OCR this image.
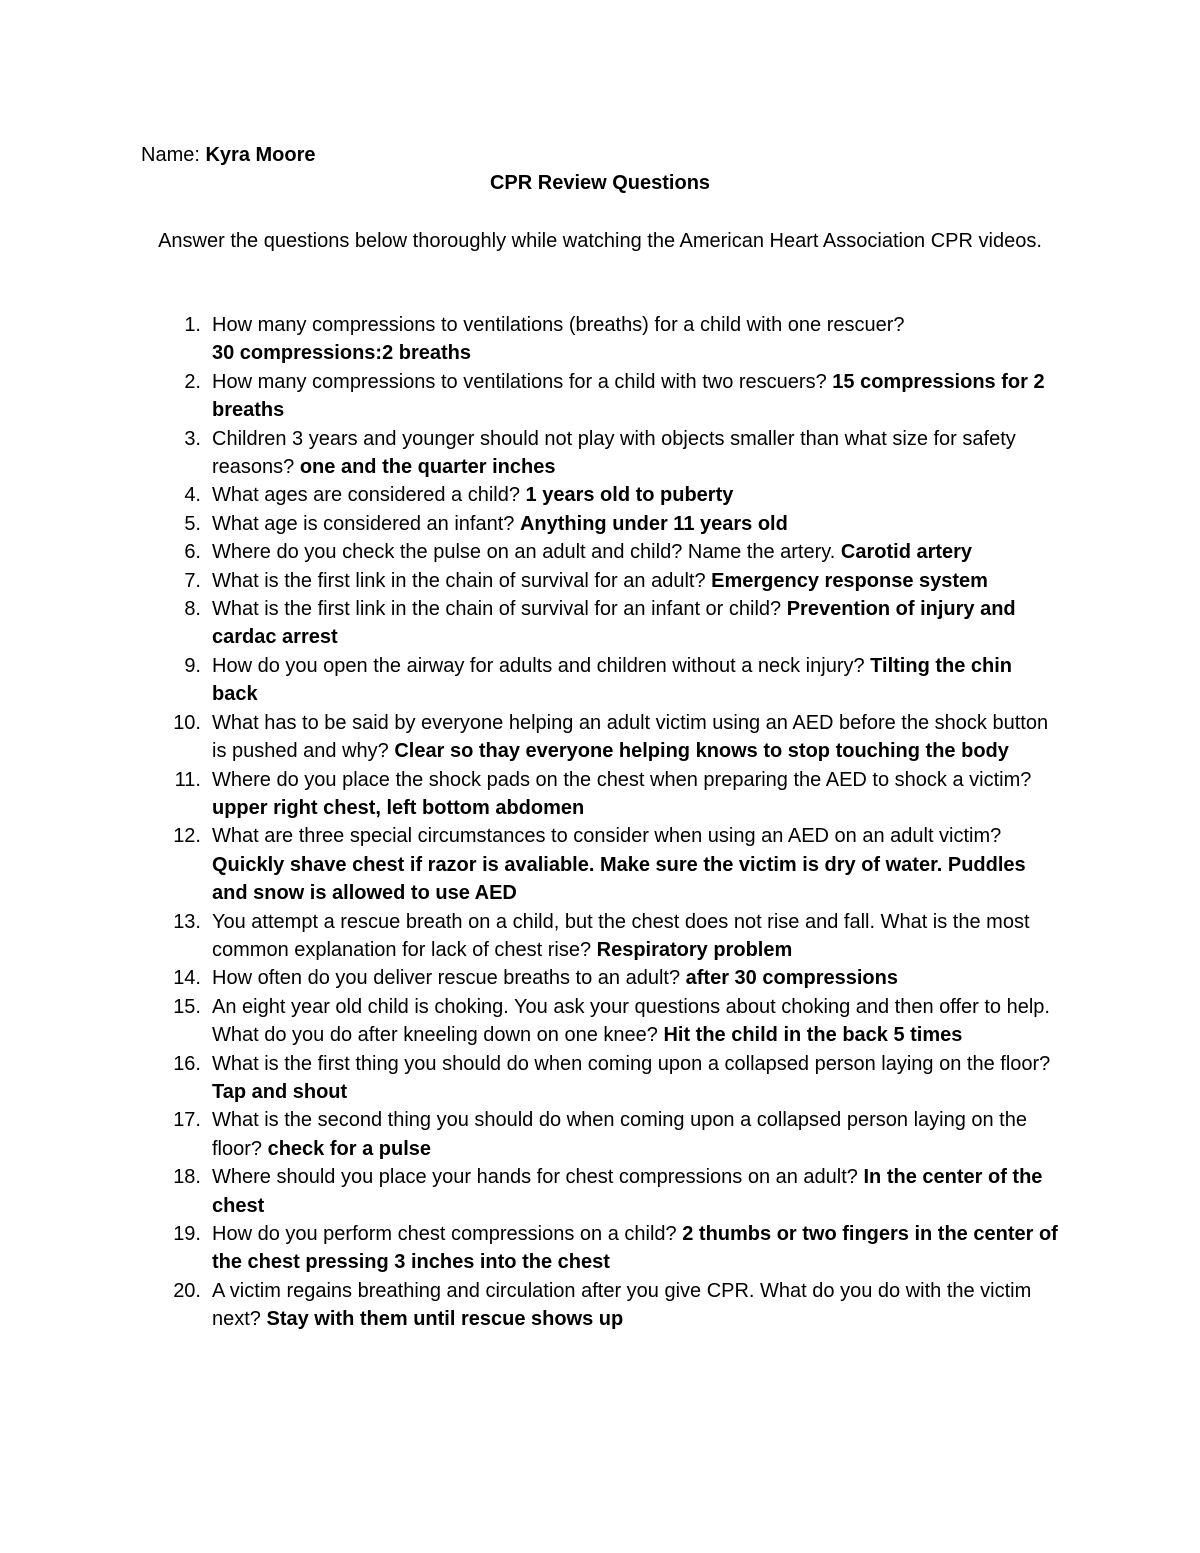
Name: Kyra Moore
CPR Review Questions
Answer the questions below thoroughly while watching the American Heart Association CPR videos.
1. How many compressions to ventilations (breaths) for a child with one rescuer?
30 compressions:2 breaths
2. How many compressions to ventilations for a child with two rescuers? 15 compressions for 2 breaths
3. Children 3 years and younger should not play with objects smaller than what size for safety reasons? one and the quarter inches
4. What ages are considered a child? 1 years old to puberty
5. What age is considered an infant? Anything under 11 years old
6. Where do you check the pulse on an adult and child? Name the artery. Carotid artery
7. What is the first link in the chain of survival for an adult? Emergency response system
8. What is the first link in the chain of survival for an infant or child? Prevention of injury and cardac arrest
9. How do you open the airway for adults and children without a neck injury? Tilting the chin back
10. What has to be said by everyone helping an adult victim using an AED before the shock button is pushed and why? Clear so thay everyone helping knows to stop touching the body
11. Where do you place the shock pads on the chest when preparing the AED to shock a victim? upper right chest, left bottom abdomen
12. What are three special circumstances to consider when using an AED on an adult victim? Quickly shave chest if razor is avaliable. Make sure the victim is dry of water. Puddles and snow is allowed to use AED
13. You attempt a rescue breath on a child, but the chest does not rise and fall. What is the most common explanation for lack of chest rise? Respiratory problem
14. How often do you deliver rescue breaths to an adult? after 30 compressions
15. An eight year old child is choking. You ask your questions about choking and then offer to help. What do you do after kneeling down on one knee? Hit the child in the back 5 times
16. What is the first thing you should do when coming upon a collapsed person laying on the floor? Tap and shout
17. What is the second thing you should do when coming upon a collapsed person laying on the floor? check for a pulse
18. Where should you place your hands for chest compressions on an adult? In the center of the chest
19. How do you perform chest compressions on a child? 2 thumbs or two fingers in the center of the chest pressing 3 inches into the chest
20. A victim regains breathing and circulation after you give CPR. What do you do with the victim next? Stay with them until rescue shows up
